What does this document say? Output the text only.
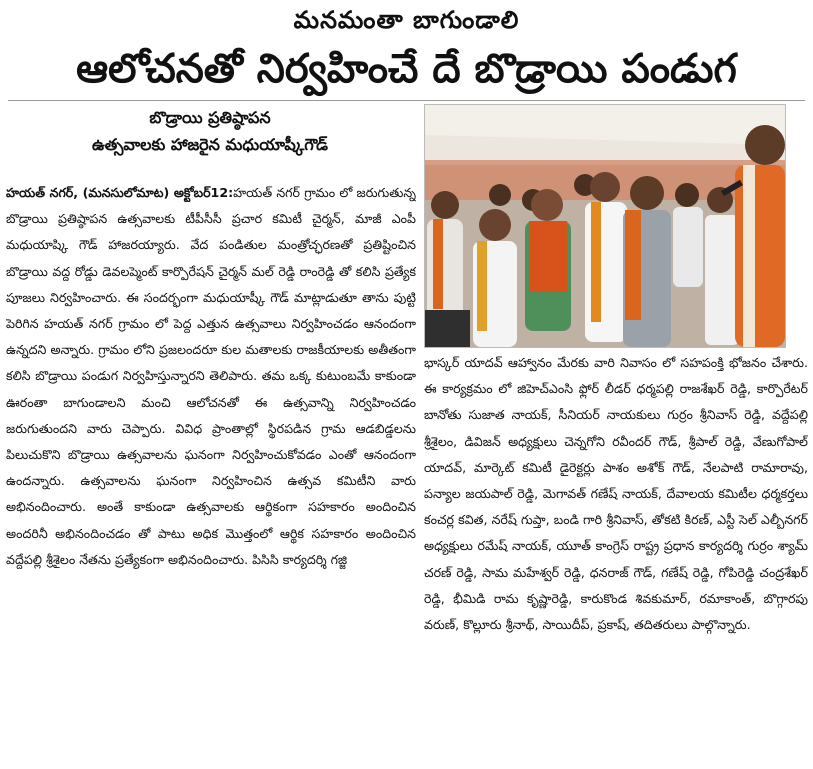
మనమంతా బాగుండాలి
ఆలోచనతో నిర్వహించే దే బొడ్రాయి పండుగ
బొడ్రాయి ప్రతిష్ఠాపన
ఉత్సవాలకు హాజరైన మధుయాష్కీగౌడ్
హయత్ నగర్, (మనసులోమాట) అక్టోబర్12:హయత్ నగర్ గ్రామం లో జరుగుతున్న బొడ్రాయి ప్రతిష్ఠాపన ఉత్సవాలకు టీపీసీసీ ప్రచార కమిటీ చైర్మన్, మాజీ ఎంపీ మధుయాష్కి గౌడ్ హాజరయ్యారు. వేద పండితుల మంత్రోచ్ఛరణతో ప్రతిష్టించిన బొడ్రాయి వద్ద రోడ్డు డెవలప్మెంట్ కార్పొరేషన్ చైర్మన్ మల్ రెడ్డి రాంరెడ్డి తో కలిసి ప్రత్యేక పూజలు నిర్వహించారు. ఈ సందర్భంగా మధుయాష్కీ గౌడ్ మాట్లాడుతూ తాను పుట్టి పెరిగిన హయత్ నగర్ గ్రామం లో పెద్ద ఎత్తున ఉత్సవాలు నిర్వహించడం ఆనందంగా ఉన్నదని అన్నారు. గ్రామం లోని ప్రజలందరూ కుల మతాలకు రాజకీయాలకు అతీతంగా కలిసి బొడ్రాయి పండుగ నిర్వహిస్తున్నారని తెలిపారు. తమ ఒక్క కుటుంబమే కాకుండా ఊరంతా బాగుండాలని మంచి ఆలోచనతో ఈ ఉత్సవాన్ని నిర్వహించడం జరుగుతుందని వారు చెప్పారు. వివిధ ప్రాంతాల్లో స్థిరపడిన గ్రామ ఆడబిడ్డలను పిలుచుకొని బొడ్రాయి ఉత్సవాలను ఘనంగా నిర్వహించుకోవడం ఎంతో ఆనందంగా ఉందన్నారు. ఉత్సవాలను ఘనంగా నిర్వహించిన ఉత్సవ కమిటీని వారు అభినందించారు. అంతే కాకుండా ఉత్సవాలకు ఆర్థికంగా సహకారం అందించిన అందరినీ అభినందించడం తో పాటు అధిక మొత్తంలో ఆర్థిక సహకారం అందించిన వద్దేపల్లి శ్రీశైలం నేతను ప్రత్యేకంగా అభినందించారు. పిసిసి కార్యదర్శి గజ్జి
భాస్కర్ యాదవ్ ఆహ్వానం మేరకు వారి నివాసం లో సహపంక్తి భోజనం చేశారు. ఈ కార్యక్రమం లో జిహెచ్ఎంసి ఫ్లోర్ లీడర్ ధర్మపల్లి రాజశేఖర్ రెడ్డి, కార్పొరేటర్ బానోతు సుజాత నాయక్, సీనియర్ నాయకులు గుర్రం శ్రీనివాస్ రెడ్డి, వద్దేపల్లి శ్రీశైలం, డివిజన్ అధ్యక్షులు చెన్నగోని రవీందర్ గౌడ్, శ్రీపాల్ రెడ్డి, వేణుగోపాల్ యాదవ్, మార్కెట్ కమిటీ డైరెక్టర్లు పాశం అశోక్ గౌడ్, నేలపాటి రామారావు, పన్యాల జయపాల్ రెడ్డి, మెగావత్ గణేష్ నాయక్, దేవాలయ కమిటీల ధర్మకర్తలు కంచర్ల కవిత, నరేష్ గుప్తా, బండి గారి శ్రీనివాస్, తోకటి కిరణ్, ఎస్టీ సెల్ ఎల్బీనగర్ అధ్యక్షులు రమేష్ నాయక్, యూత్ కాంగ్రెస్ రాష్ట్ర ప్రధాన కార్యదర్శి గుర్రం శ్యామ్ చరణ్ రెడ్డి, సామ మహేశ్వర్ రెడ్డి, ధనరాజ్ గౌడ్, గణేష్ రెడ్డి, గోపిరెడ్డి చంద్రశేఖర్ రెడ్డి, భీమిడి రామ కృష్ణారెడ్డి, కారుకొండ శివకుమార్, రమాకాంత్, బొగ్గారపు వరుణ్, కొల్లూరు శ్రీనాథ్, సాయిదీప్, ప్రకాష్, తదితరులు పాల్గొన్నారు.
